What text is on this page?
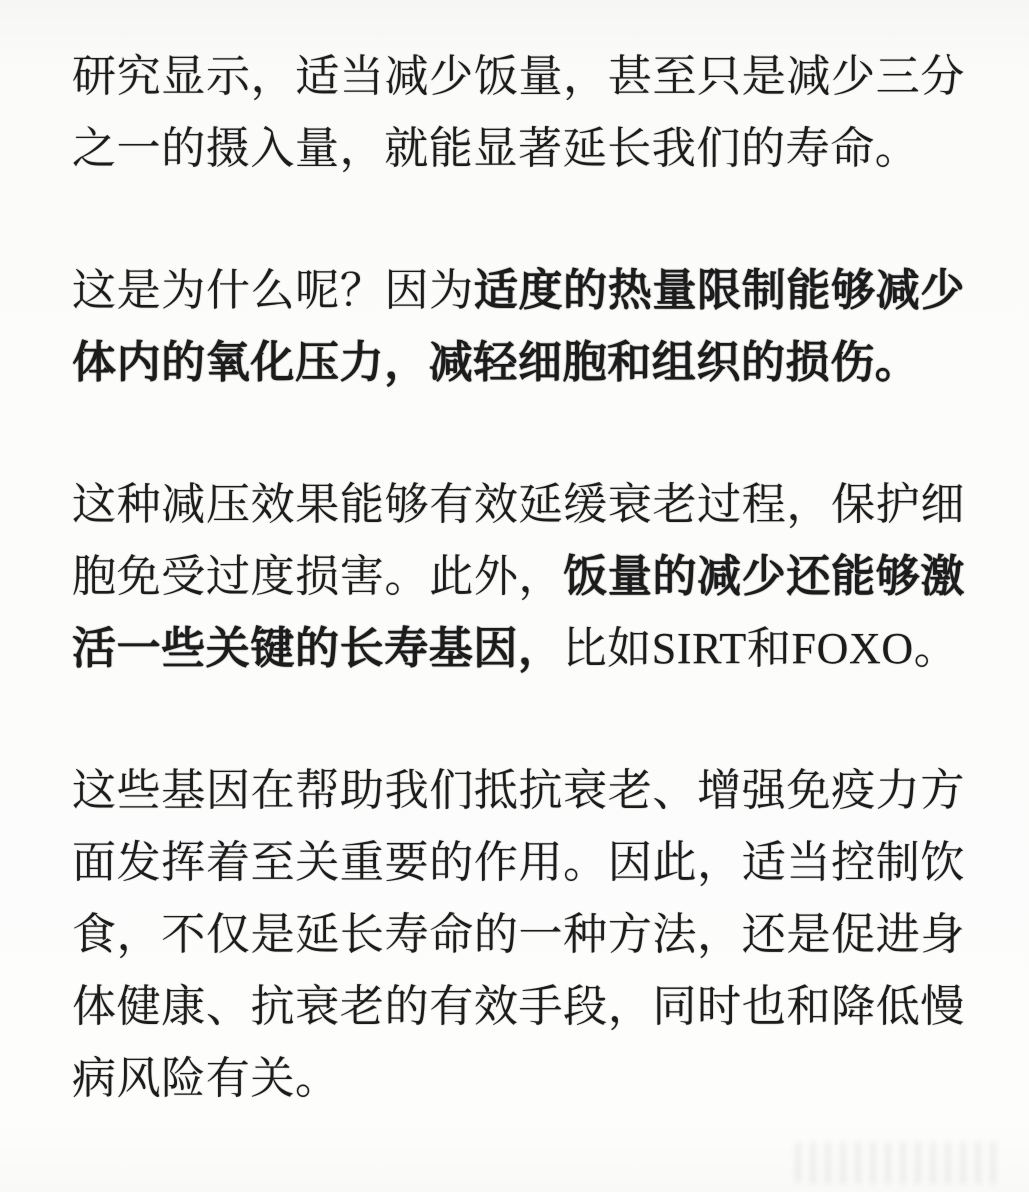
研究显示，适当减少饭量，甚至只是减少三分之一的摄入量，就能显著延长我们的寿命。

这是为什么呢？因为适度的热量限制能够减少体内的氧化压力，减轻细胞和组织的损伤。

这种减压效果能够有效延缓衰老过程，保护细胞免受过度损害。此外，饭量的减少还能够激活一些关键的长寿基因，比如SIRT和FOXO。

这些基因在帮助我们抵抗衰老、增强免疫力方面发挥着至关重要的作用。因此，适当控制饮食，不仅是延长寿命的一种方法，还是促进身体健康、抗衰老的有效手段，同时也和降低慢病风险有关。
